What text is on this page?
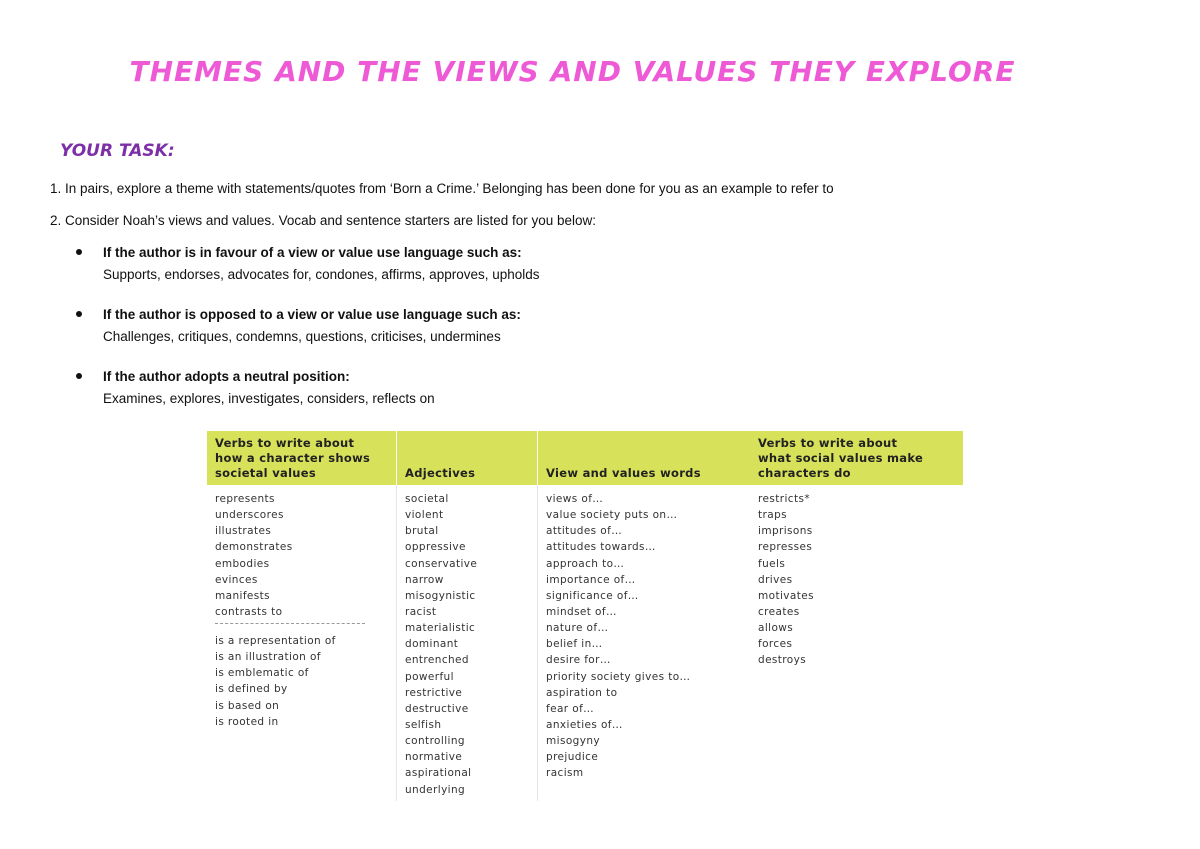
THEMES AND THE VIEWS AND VALUES THEY EXPLORE
YOUR TASK:
1. In pairs, explore a theme with statements/quotes from ‘Born a Crime.’ Belonging has been done for you as an example to refer to
2. Consider Noah’s views and values. Vocab and sentence starters are listed for you below:
If the author is in favour of a view or value use language such as:
Supports, endorses, advocates for, condones, affirms, approves, upholds
If the author is opposed to a view or value use language such as:
Challenges, critiques, condemns, questions, criticises, undermines
If the author adopts a neutral position:
Examines, explores, investigates, considers, reflects on
Verbs to write about
how a character shows
societal values	Adjectives	View and values words
Verbs to write about
what social values make
characters do
represents
underscores
illustrates
demonstrates
embodies
evinces
manifests
contrasts to
is a representation of
is an illustration of
is emblematic of
is defined by
is based on
is rooted in
societal
violent
brutal
oppressive
conservative
narrow
misogynistic
racist
materialistic
dominant
entrenched
powerful
restrictive
destructive
selfish
controlling
normative
aspirational
underlying
views of…
value society puts on…
attitudes of…
attitudes towards…
approach to…
importance of…
significance of…
mindset of…
nature of…
belief in…
desire for…
priority society gives to…
aspiration to
fear of…
anxieties of…
misogyny
prejudice
racism
restricts*
traps
imprisons
represses
fuels
drives
motivates
creates
allows
forces
destroys
